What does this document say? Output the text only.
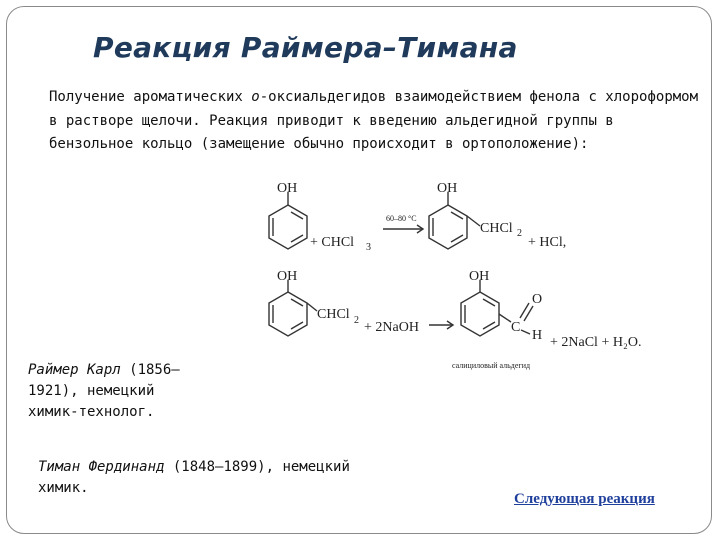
Реакция Раймера–Тимана

Получение ароматических о-оксиальдегидов взаимодействием фенола с хлороформом в растворе щелочи. Реакция приводит к введению альдегидной группы в бензольное кольцо (замещение обычно происходит в ортоположение):

OH
+ CHCl 3
60–80 °C
OH
CHCl 2
+ HCl,
OH
CHCl 2 + 2NaOH
OH
C
O
H + 2NaCl + H₂O.
салициловый альдегид
Раймер Карл (1856–1921), немецкий химик-технолог.
Тиман Фердинанд (1848–1899), немецкий химик.
Следующая реакция
